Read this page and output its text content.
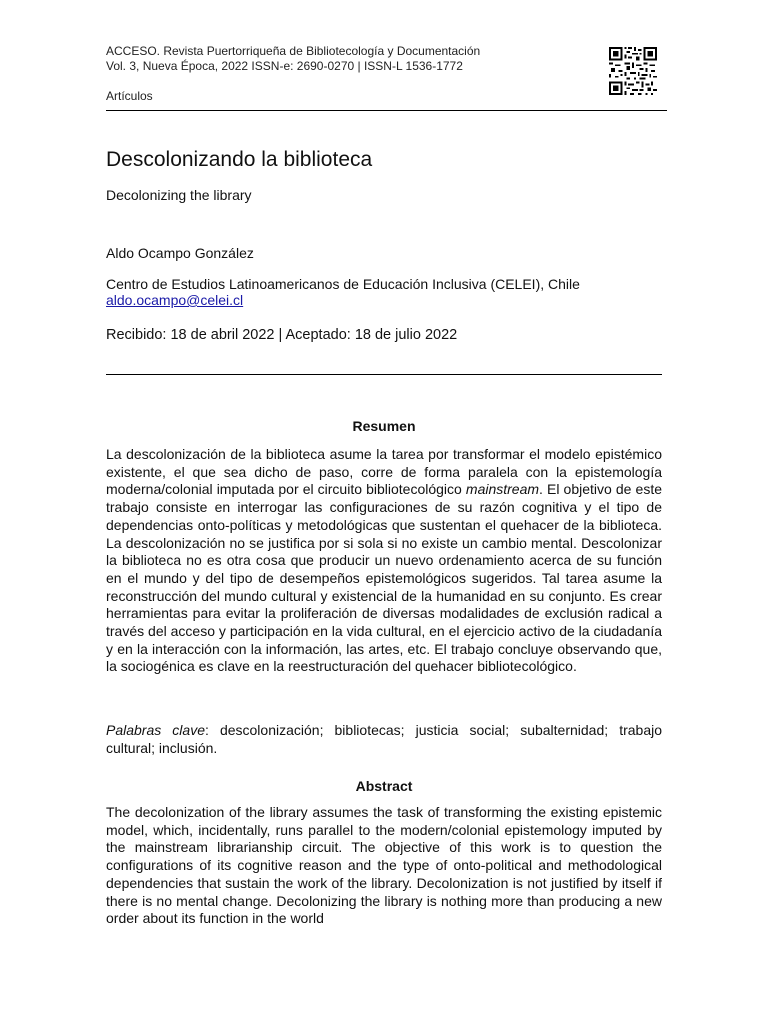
ACCESO. Revista Puertorriqueña de Bibliotecología y Documentación
Vol. 3, Nueva Época, 2022 ISSN-e: 2690-0270 | ISSN-L 1536-1772
Artículos
Descolonizando la biblioteca
Decolonizing the library
Aldo Ocampo González
Centro de Estudios Latinoamericanos de Educación Inclusiva (CELEI), Chile
aldo.ocampo@celei.cl
Recibido: 18 de abril 2022 | Aceptado: 18 de julio 2022
Resumen
La descolonización de la biblioteca asume la tarea por transformar el modelo epistémico existente, el que sea dicho de paso, corre de forma paralela con la epistemología moderna/colonial imputada por el circuito bibliotecológico mainstream. El objetivo de este trabajo consiste en interrogar las configuraciones de su razón cognitiva y el tipo de dependencias onto-políticas y metodológicas que sustentan el quehacer de la biblioteca. La descolonización no se justifica por si sola si no existe un cambio mental. Descolonizar la biblioteca no es otra cosa que producir un nuevo ordenamiento acerca de su función en el mundo y del tipo de desempeños epistemológicos sugeridos. Tal tarea asume la reconstrucción del mundo cultural y existencial de la humanidad en su conjunto. Es crear herramientas para evitar la proliferación de diversas modalidades de exclusión radical a través del acceso y participación en la vida cultural, en el ejercicio activo de la ciudadanía y en la interacción con la información, las artes, etc. El trabajo concluye observando que, la sociogénica es clave en la reestructuración del quehacer bibliotecológico.
Palabras clave: descolonización; bibliotecas; justicia social; subalternidad; trabajo cultural; inclusión.
Abstract
The decolonization of the library assumes the task of transforming the existing epistemic model, which, incidentally, runs parallel to the modern/colonial epistemology imputed by the mainstream librarianship circuit. The objective of this work is to question the configurations of its cognitive reason and the type of onto-political and methodological dependencies that sustain the work of the library. Decolonization is not justified by itself if there is no mental change. Decolonizing the library is nothing more than producing a new order about its function in the world
